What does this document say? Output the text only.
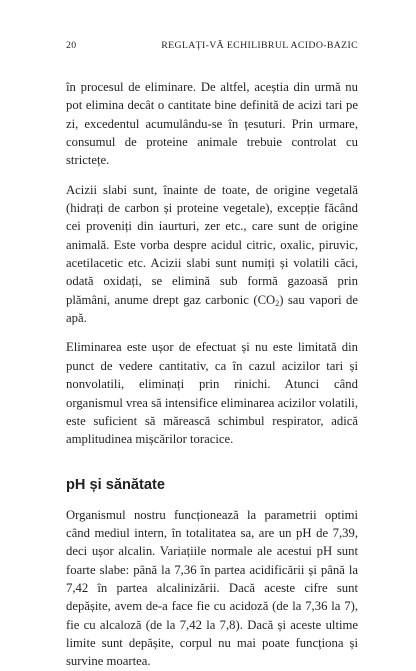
20	REGLAȚI-VĂ ECHILIBRUL ACIDO-BAZIC

în procesul de eliminare. De altfel, aceștia din urmă nu pot elimina decât o cantitate bine definită de acizi tari pe zi, excedentul acumulându-se în țesuturi. Prin urmare, consumul de proteine animale trebuie controlat cu strictețe.

Acizii slabi sunt, înainte de toate, de origine vegetală (hidrați de carbon și proteine vegetale), excepție făcând cei proveniți din iaurturi, zer etc., care sunt de origine animală. Este vorba despre acidul citric, oxalic, piruvic, acetilacetic etc. Acizii slabi sunt numiți și volatili căci, odată oxidați, se elimină sub formă gazoasă prin plămâni, anume drept gaz carbonic $(CO_2)$ sau vapori de apă.

Eliminarea este ușor de efectuat și nu este limitată din punct de vedere cantitativ, ca în cazul acizilor tari și nonvolatili, eliminați prin rinichi. Atunci când organismul vrea să intensifice eliminarea acizilor volatili, este suficient să mărească schimbul respirator, adică amplitudinea mișcărilor toracice.

pH și sănătate

Organismul nostru funcționează la parametrii optimi când mediul intern, în totalitatea sa, are un pH de 7,39, deci ușor alcalin. Variațiile normale ale acestui pH sunt foarte slabe: până la 7,36 în partea acidificării și până la 7,42 în partea alcalinizării. Dacă aceste cifre sunt depășite, avem de-a face fie cu acidoză (de la 7,36 la 7), fie cu alcaloză (de la 7,42 la 7,8). Dacă și aceste ultime limite sunt depășite, corpul nu mai poate funcționa și survine moartea.
